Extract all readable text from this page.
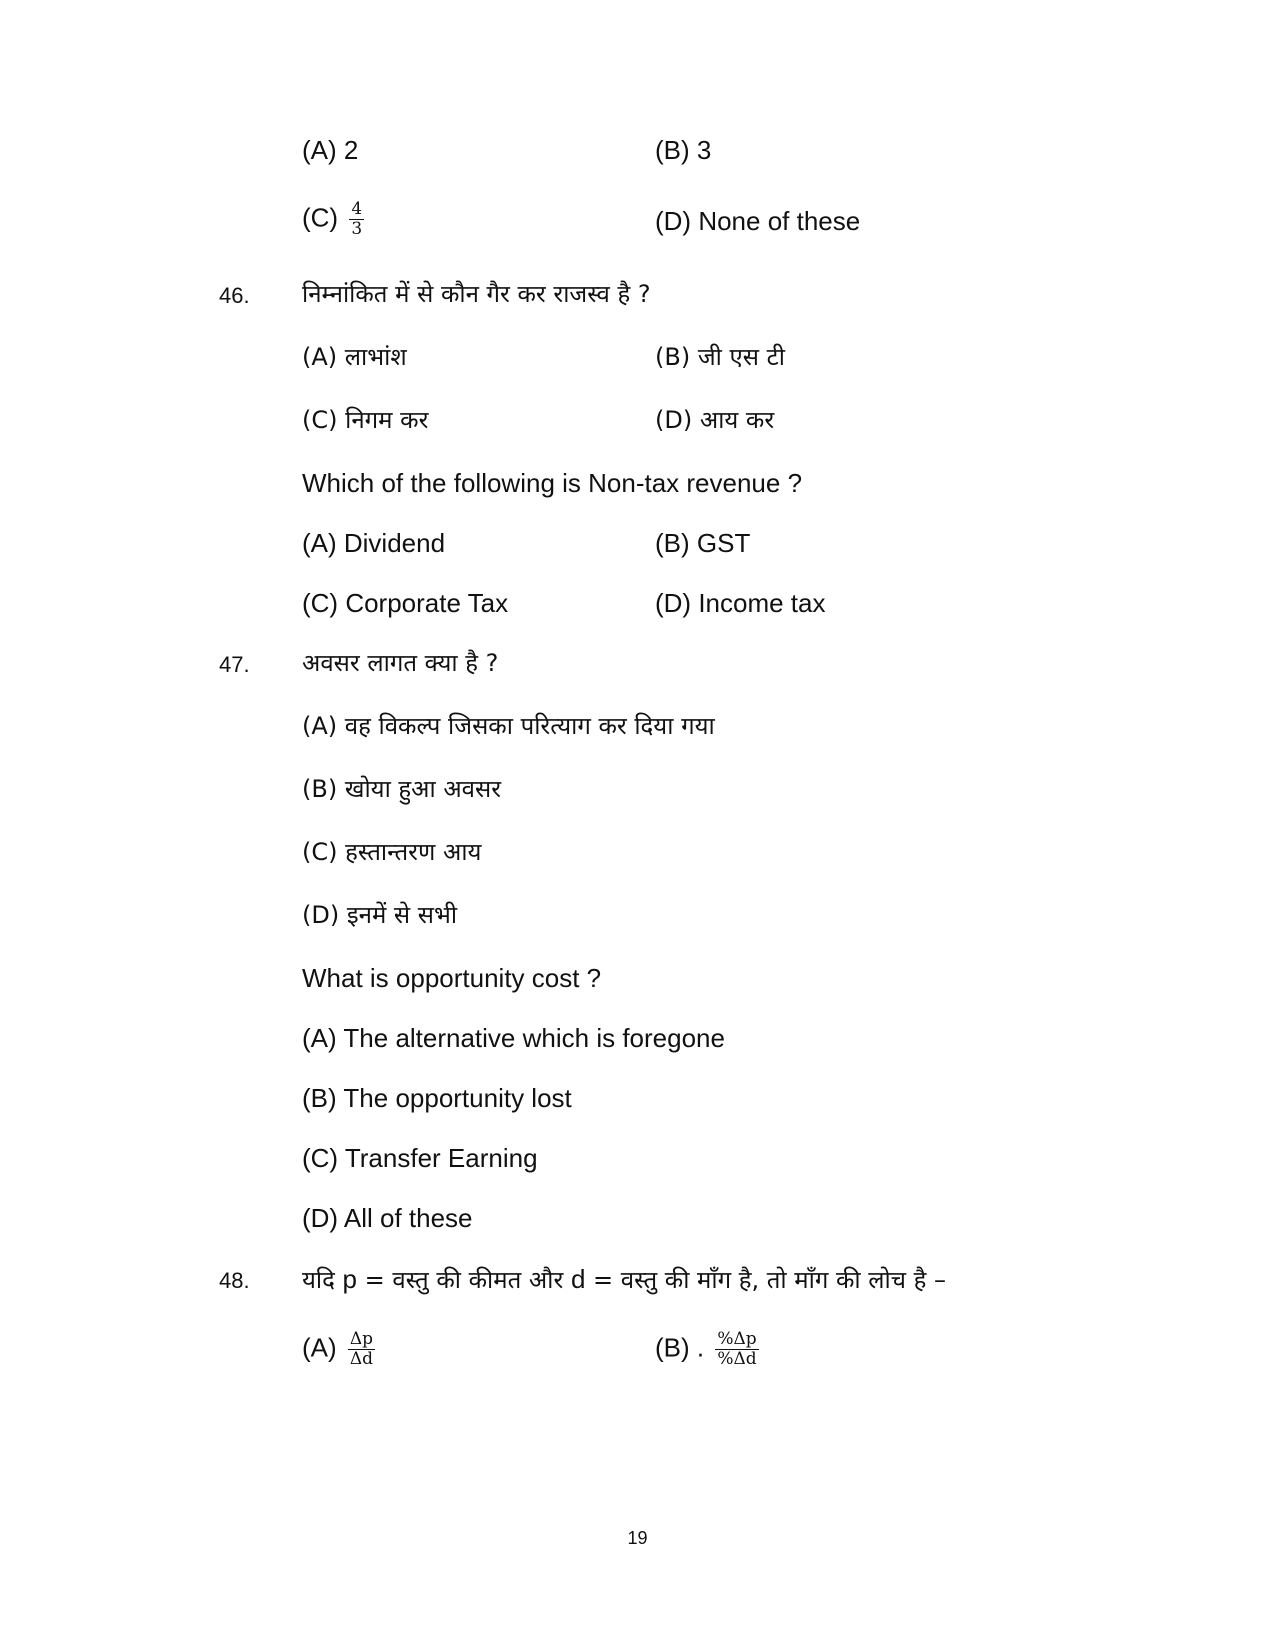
(A) 2	(B) 3
$(C) \frac{4}{3}$	(D) None of these
46. निम्नांकित में से कौन गैर कर राजस्व है ?
(A) लाभांश	(B) जी एस टी
(C) निगम कर	(D) आय कर
Which of the following is Non-tax revenue ?
(A) Dividend	(B) GST
(C) Corporate Tax	(D) Income tax
47. अवसर लागत क्या है ?
(A) वह विकल्प जिसका परित्याग कर दिया गया
(B) खोया हुआ अवसर
(C) हस्तान्तरण आय
(D) इनमें से सभी
What is opportunity cost ?
(A) The alternative which is foregone
(B) The opportunity lost
(C) Transfer Earning
(D) All of these
48. यदि p = वस्तु की कीमत और d = वस्तु की माँग है, तो माँग की लोच है –
$(A) \frac{\Delta p}{\Delta d}$	(B) . $\frac{\%\Delta p}{\%\Delta d}$
19
